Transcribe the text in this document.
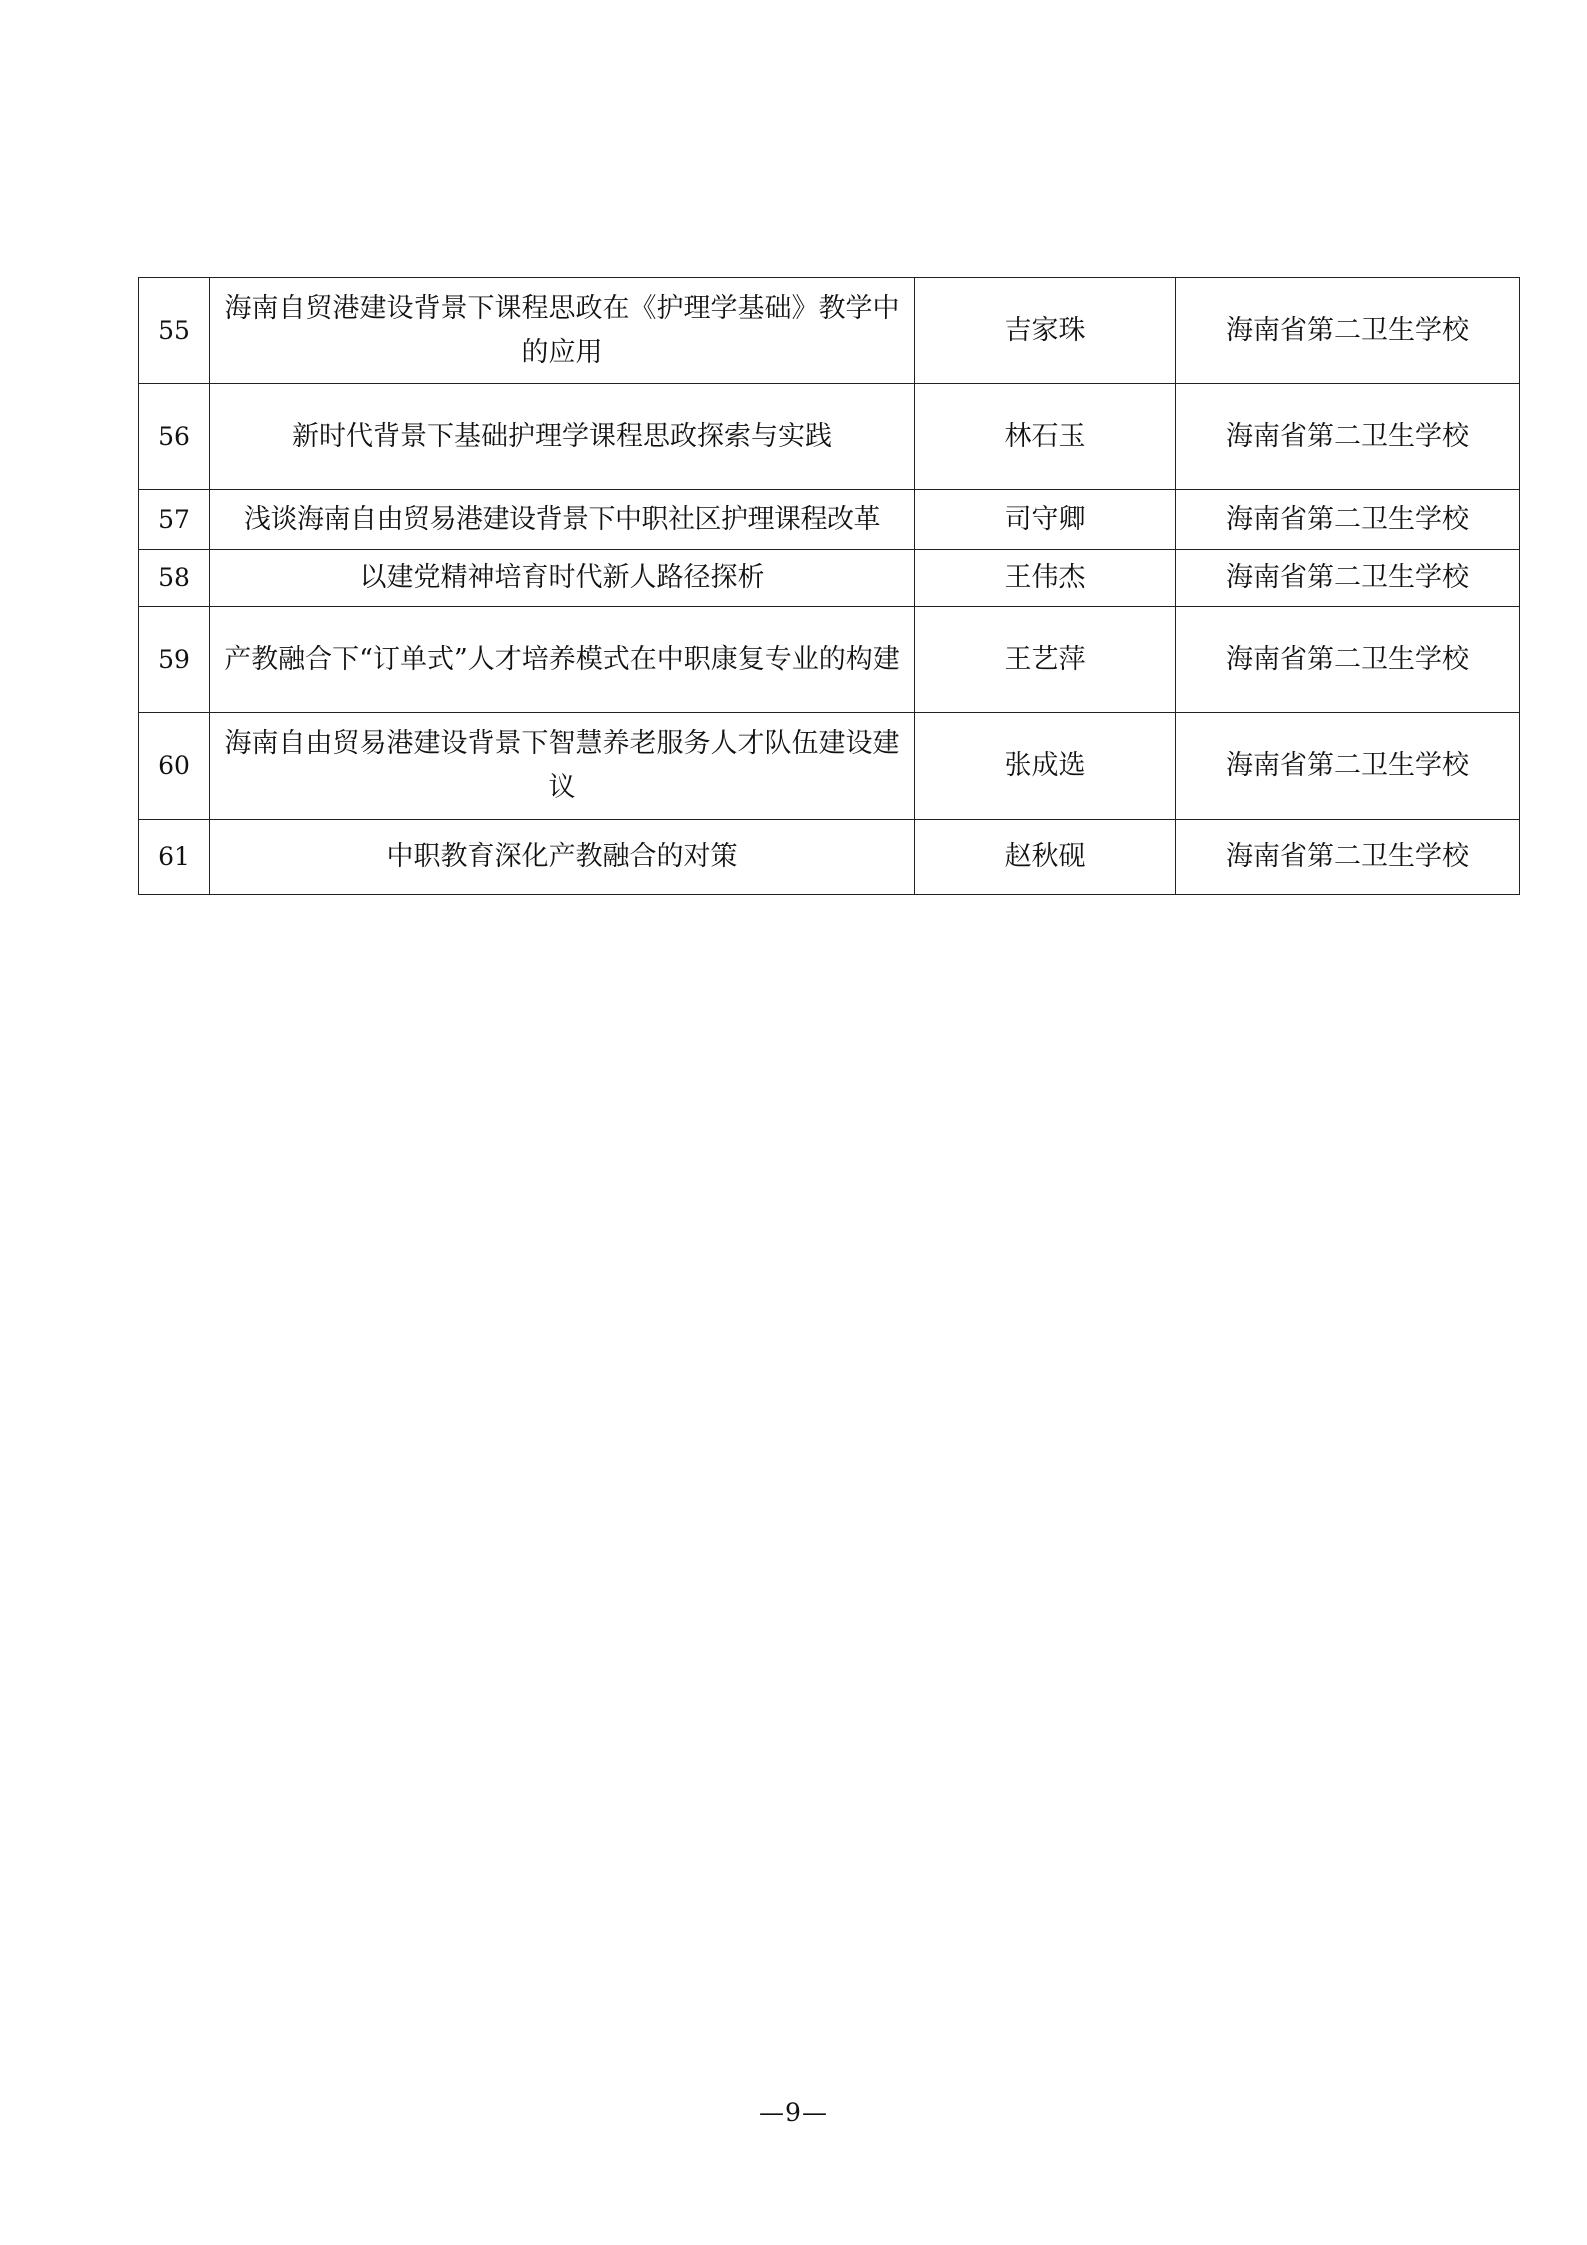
55	海南自贸港建设背景下课程思政在《护理学基础》教学中的应用	吉家珠	海南省第二卫生学校
56	新时代背景下基础护理学课程思政探索与实践	林石玉	海南省第二卫生学校
57	浅谈海南自由贸易港建设背景下中职社区护理课程改革	司守卿	海南省第二卫生学校
58	以建党精神培育时代新人路径探析	王伟杰	海南省第二卫生学校
59	产教融合下“订单式”人才培养模式在中职康复专业的构建	王艺萍	海南省第二卫生学校
60	海南自由贸易港建设背景下智慧养老服务人才队伍建设建议	张成选	海南省第二卫生学校
61	中职教育深化产教融合的对策	赵秋砚	海南省第二卫生学校
—9—
